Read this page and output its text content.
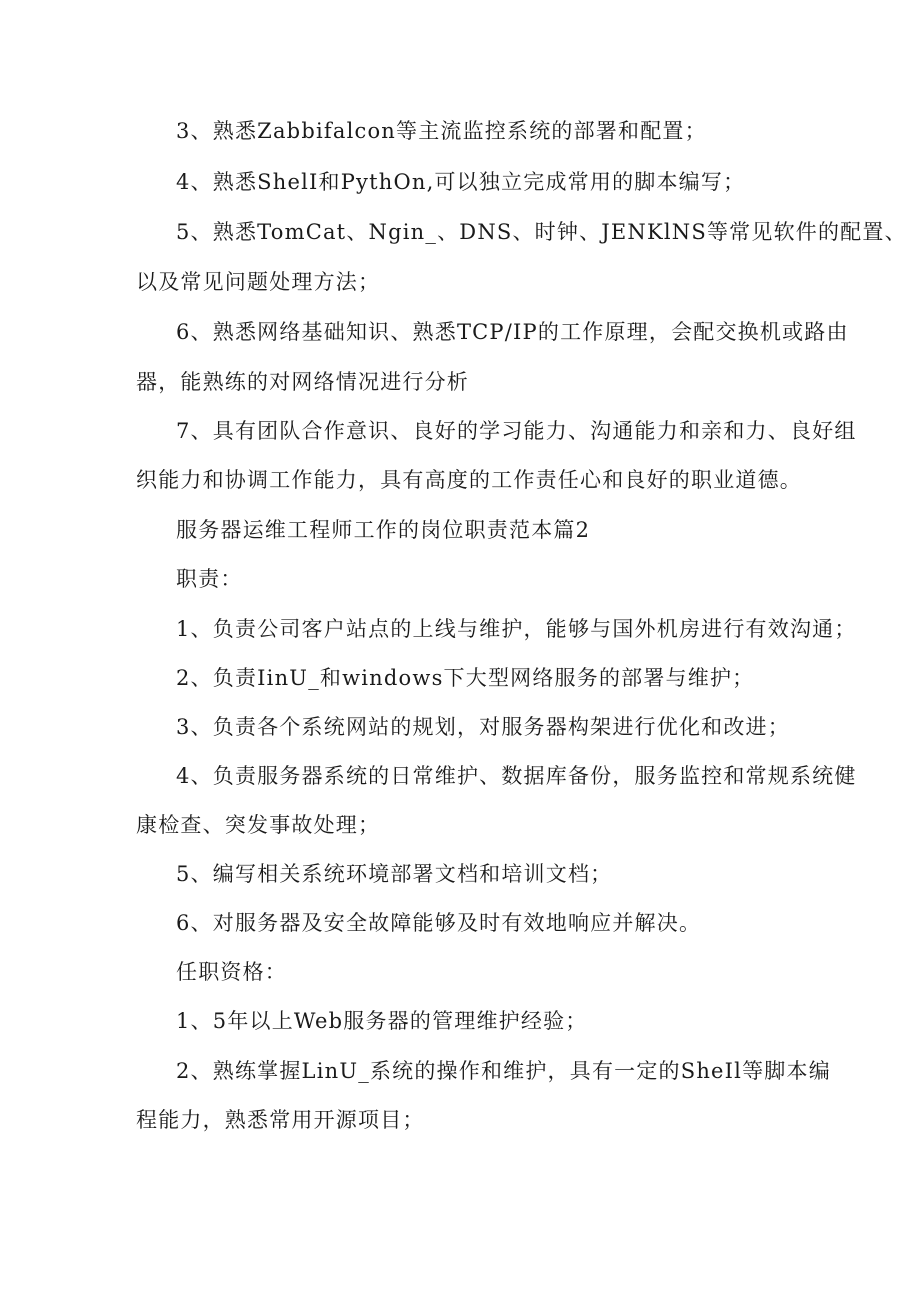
3、熟悉Zabbifalcon等主流监控系统的部署和配置；
4、熟悉ShelI和PythOn,可以独立完成常用的脚本编写；
5、熟悉TomCat、Ngin_、DNS、时钟、JENKlNS等常见软件的配置、
以及常见问题处理方法；
6、熟悉网络基础知识、熟悉TCP/IP的工作原理，会配交换机或路由
器，能熟练的对网络情况进行分析
7、具有团队合作意识、良好的学习能力、沟通能力和亲和力、良好组
织能力和协调工作能力，具有高度的工作责任心和良好的职业道德。
服务器运维工程师工作的岗位职责范本篇2
职责：
1、负责公司客户站点的上线与维护，能够与国外机房进行有效沟通；
2、负责IinU_和windows下大型网络服务的部署与维护；
3、负责各个系统网站的规划，对服务器构架进行优化和改进；
4、负责服务器系统的日常维护、数据库备份，服务监控和常规系统健
康检查、突发事故处理；
5、编写相关系统环境部署文档和培训文档；
6、对服务器及安全故障能够及时有效地响应并解决。
任职资格：
1、5年以上Web服务器的管理维护经验；
2、熟练掌握LinU_系统的操作和维护，具有一定的SheIl等脚本编
程能力，熟悉常用开源项目；
